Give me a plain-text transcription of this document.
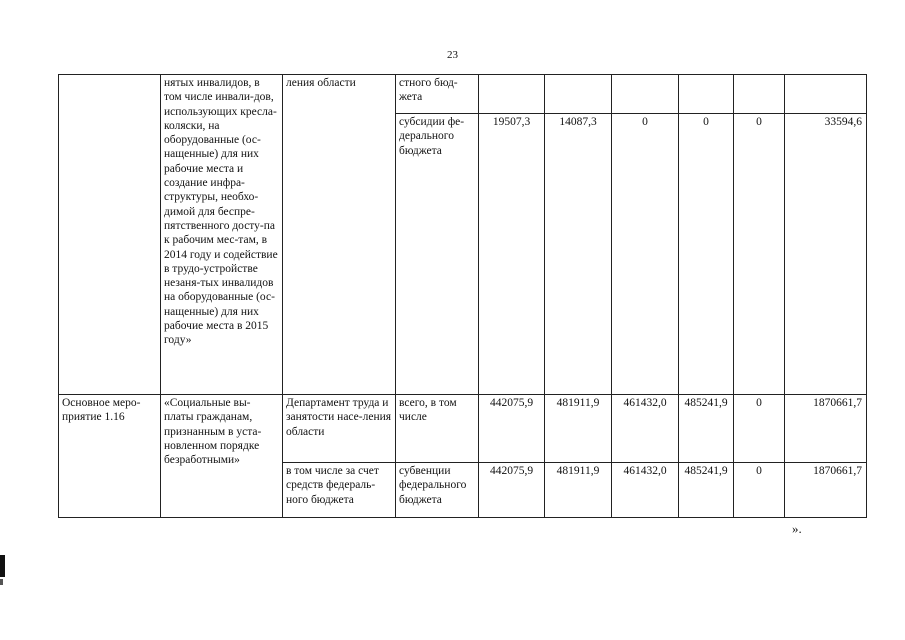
23
	нятых инвалидов, в том числе инвали-дов, использующих кресла-коляски, на оборудованные (ос-нащенные) для них рабочие места и создание инфра-структуры, необхо-димой для беспре-пятственного досту-па к рабочим мес-там, в 2014 году и содействие в трудо-устройстве незаня-тых инвалидов на оборудованные (ос-нащенные) для них рабочие места в 2015 году»	ления области	стного бюд-жета						
			субсидии фе-дерального бюджета	19507,3	14087,3	0	0	0	33594,6
Основное меро-приятие 1.16	«Социальные вы-платы гражданам, признанным в уста-новленном порядке безработными»	Департамент труда и занятости насе-ления области	всего, в том числе	442075,9	481911,9	461432,0	485241,9	0	1870661,7
		в том числе за счет средств федераль-ного бюджета	субвенции федерального бюджета	442075,9	481911,9	461432,0	485241,9	0	1870661,7
».
